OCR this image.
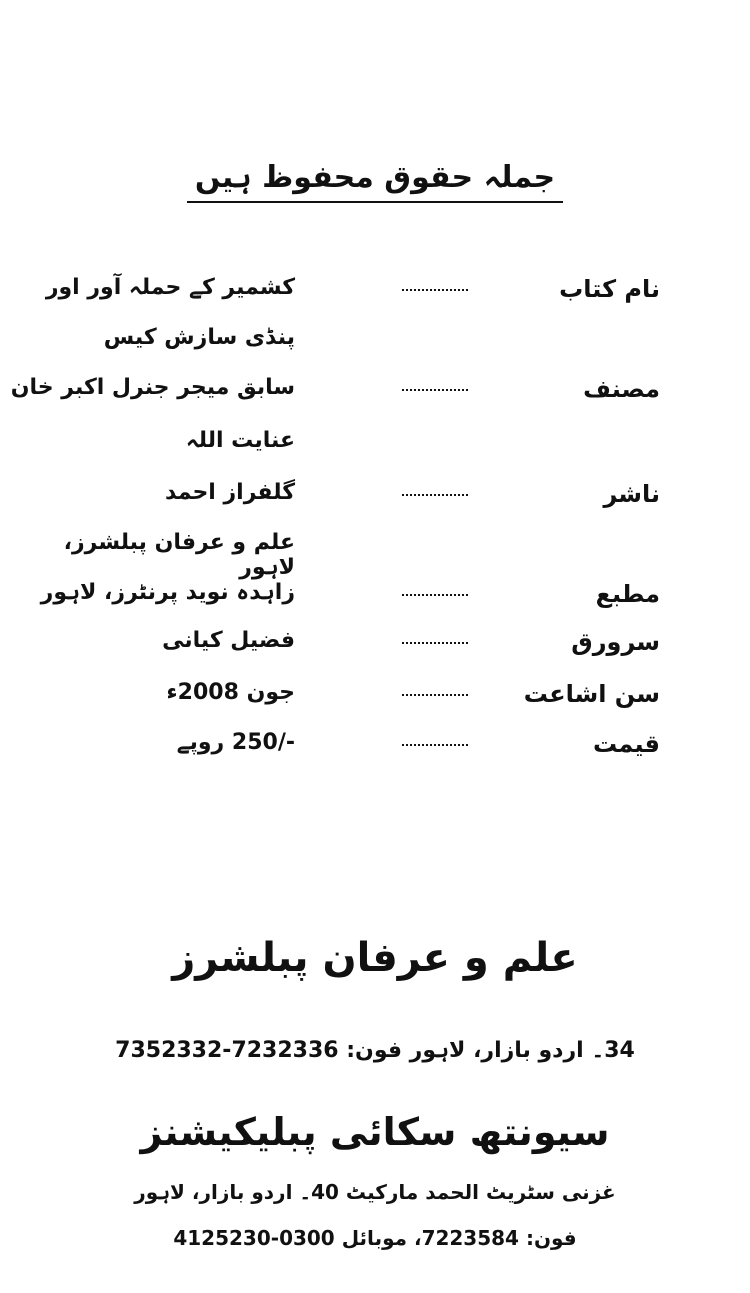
جملہ حقوق محفوظ ہیں
نام کتاب
کشمیر کے حملہ آور اور
پنڈی سازش کیس
مصنف
سابق میجر جنرل اکبر خان
عنایت اللہ
ناشر
گلفراز احمد
علم و عرفان پبلشرز، لاہور
مطبع
زاہدہ نوید پرنٹرز، لاہور
سرورق
فضیل کیانی
سن اشاعت
جون 2008ء
قیمت
-/250 روپے
علم و عرفان پبلشرز
34۔ اردو بازار، لاہور فون: 7232336-7352332
سیونتھ سکائی پبلیکیشنز
غزنی سٹریٹ الحمد مارکیٹ 40۔ اردو بازار، لاہور
فون: 7223584، موبائل 0300-4125230
